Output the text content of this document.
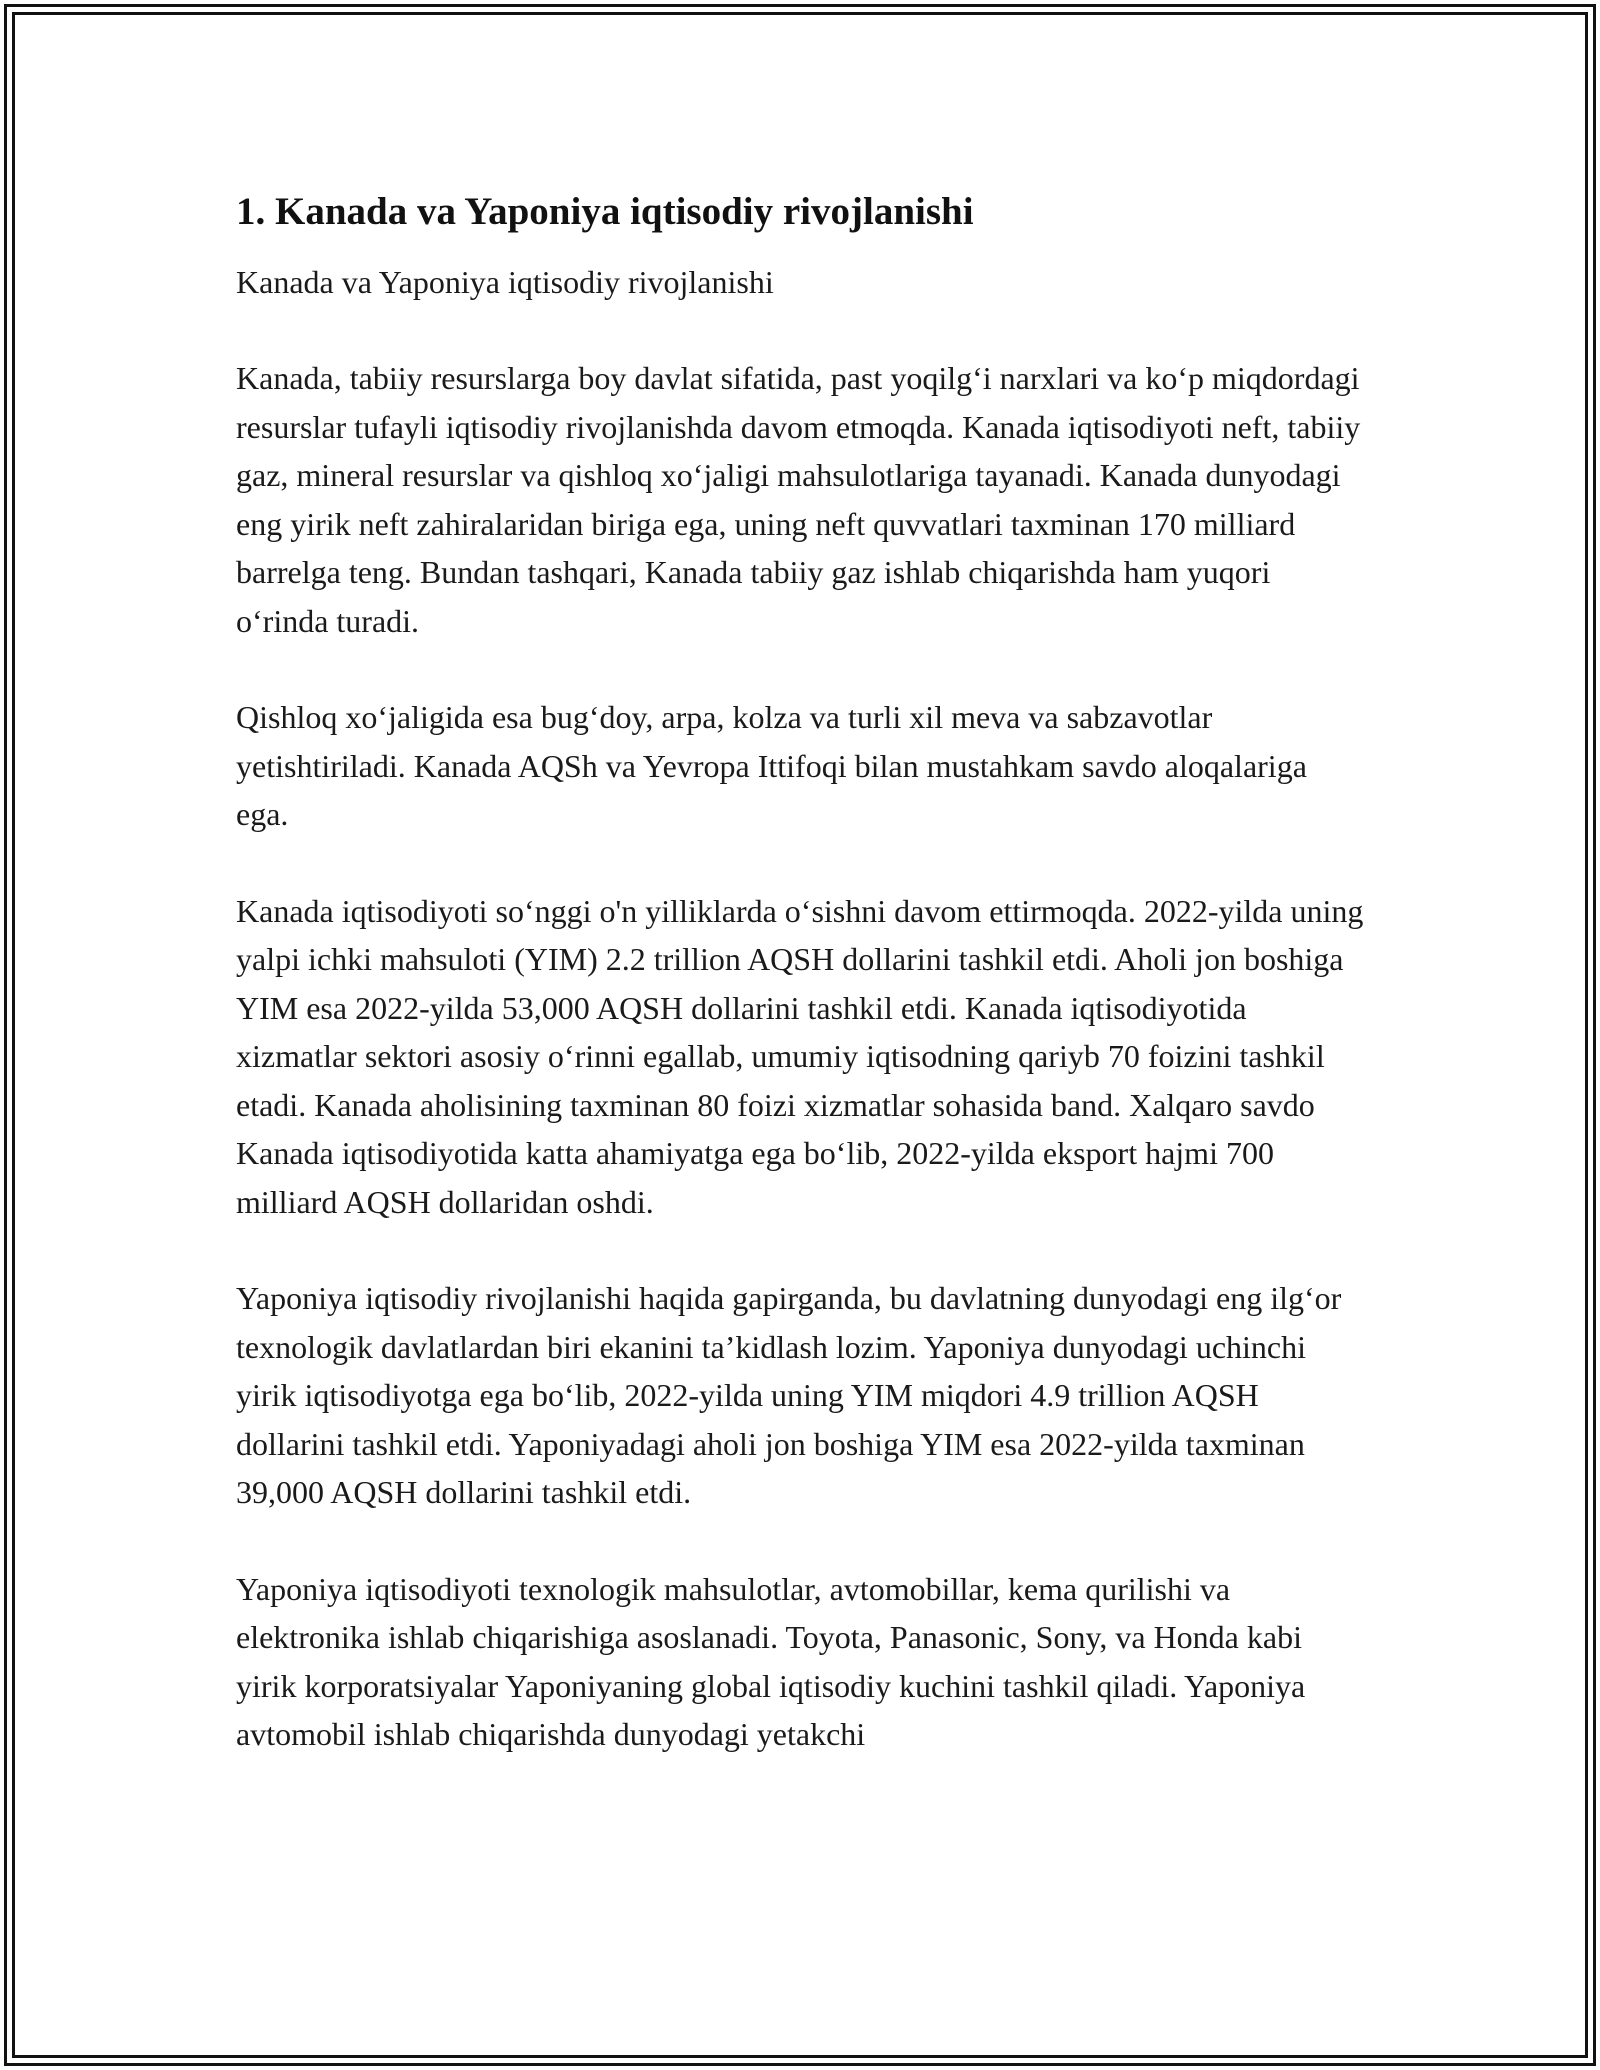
1. Kanada va Yaponiya iqtisodiy rivojlanishi

Kanada va Yaponiya iqtisodiy rivojlanishi

Kanada, tabiiy resurslarga boy davlat sifatida, past yoqilg‘i narxlari va ko‘p miqdordagi resurslar tufayli iqtisodiy rivojlanishda davom etmoqda. Kanada iqtisodiyoti neft, tabiiy gaz, mineral resurslar va qishloq xo‘jaligi mahsulotlariga tayanadi. Kanada dunyodagi eng yirik neft zahiralaridan biriga ega, uning neft quvvatlari taxminan 170 milliard barrelga teng. Bundan tashqari, Kanada tabiiy gaz ishlab chiqarishda ham yuqori o‘rinda turadi.

Qishloq xo‘jaligida esa bug‘doy, arpa, kolza va turli xil meva va sabzavotlar yetishtiriladi. Kanada AQSh va Yevropa Ittifoqi bilan mustahkam savdo aloqalariga ega.

Kanada iqtisodiyoti so‘nggi o'n yilliklarda o‘sishni davom ettirmoqda. 2022-yilda uning yalpi ichki mahsuloti (YIM) 2.2 trillion AQSH dollarini tashkil etdi. Aholi jon boshiga YIM esa 2022-yilda 53,000 AQSH dollarini tashkil etdi. Kanada iqtisodiyotida xizmatlar sektori asosiy o‘rinni egallab, umumiy iqtisodning qariyb 70 foizini tashkil etadi. Kanada aholisining taxminan 80 foizi xizmatlar sohasida band. Xalqaro savdo Kanada iqtisodiyotida katta ahamiyatga ega bo‘lib, 2022-yilda eksport hajmi 700 milliard AQSH dollaridan oshdi.

Yaponiya iqtisodiy rivojlanishi haqida gapirganda, bu davlatning dunyodagi eng ilg‘or texnologik davlatlardan biri ekanini ta’kidlash lozim. Yaponiya dunyodagi uchinchi yirik iqtisodiyotga ega bo‘lib, 2022-yilda uning YIM miqdori 4.9 trillion AQSH dollarini tashkil etdi. Yaponiyadagi aholi jon boshiga YIM esa 2022-yilda taxminan 39,000 AQSH dollarini tashkil etdi.

Yaponiya iqtisodiyoti texnologik mahsulotlar, avtomobillar, kema qurilishi va elektronika ishlab chiqarishiga asoslanadi. Toyota, Panasonic, Sony, va Honda kabi yirik korporatsiyalar Yaponiyaning global iqtisodiy kuchini tashkil qiladi. Yaponiya avtomobil ishlab chiqarishda dunyodagi yetakchi
